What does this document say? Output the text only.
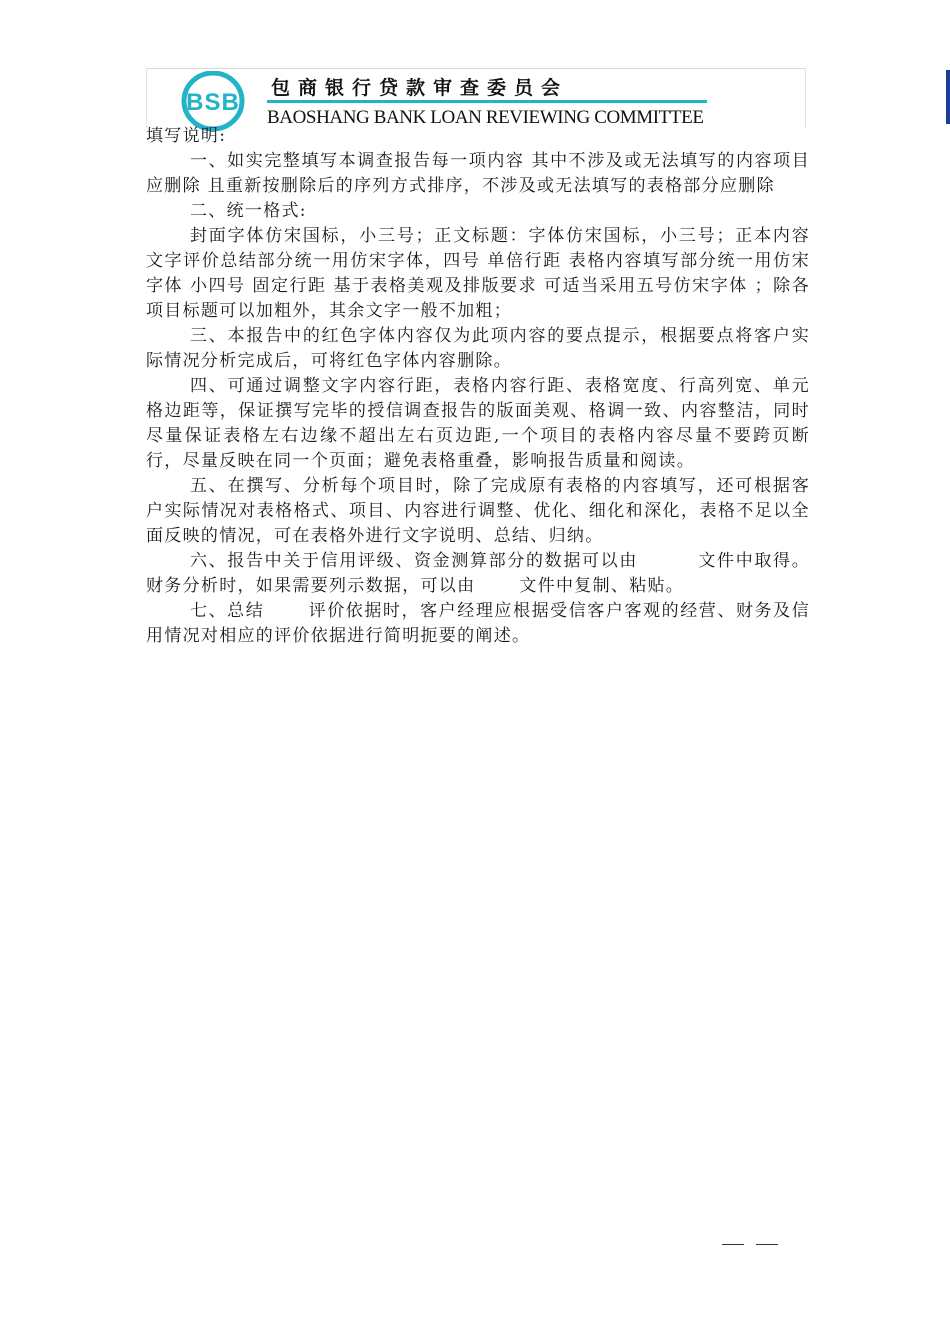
BSB
包商银行贷款审查委员会
BAOSHANG BANK LOAN REVIEWING COMMITTEE

填写说明:

一、如实完整填写本调查报告每一项内容 其中不涉及或无法填写的内容项目应删除 且重新按删除后的序列方式排序，不涉及或无法填写的表格部分应删除

二、统一格式:

封面字体仿宋国标，小三号；正文标题：字体仿宋国标，小三号；正本内容 文字评价总结部分统一用仿宋字体，四号 单倍行距 表格内容填写部分统一用仿宋字体 小四号 固定行距 基于表格美观及排版要求 可适当采用五号仿宋字体 ；除各项目标题可以加粗外，其余文字一般不加粗；

三、本报告中的红色字体内容仅为此项内容的要点提示，根据要点将客户实际情况分析完成后，可将红色字体内容删除。

四、可通过调整文字内容行距，表格内容行距、表格宽度、行高列宽、单元格边距等，保证撰写完毕的授信调查报告的版面美观、格调一致、内容整洁，同时尽量保证表格左右边缘不超出左右页边距,一个项目的表格内容尽量不要跨页断行，尽量反映在同一个页面；避免表格重叠，影响报告质量和阅读。

五、在撰写、分析每个项目时，除了完成原有表格的内容填写，还可根据客户实际情况对表格格式、项目、内容进行调整、优化、细化和深化，表格不足以全面反映的情况，可在表格外进行文字说明、总结、归纳。

六、报告中关于信用评级、资金测算部分的数据可以由	文件中取得。财务分析时，如果需要列示数据，可以由	文件中复制、粘贴。

七、总结	评价依据时，客户经理应根据受信客户客观的经营、财务及信用情况对相应的评价依据进行简明扼要的阐述。
